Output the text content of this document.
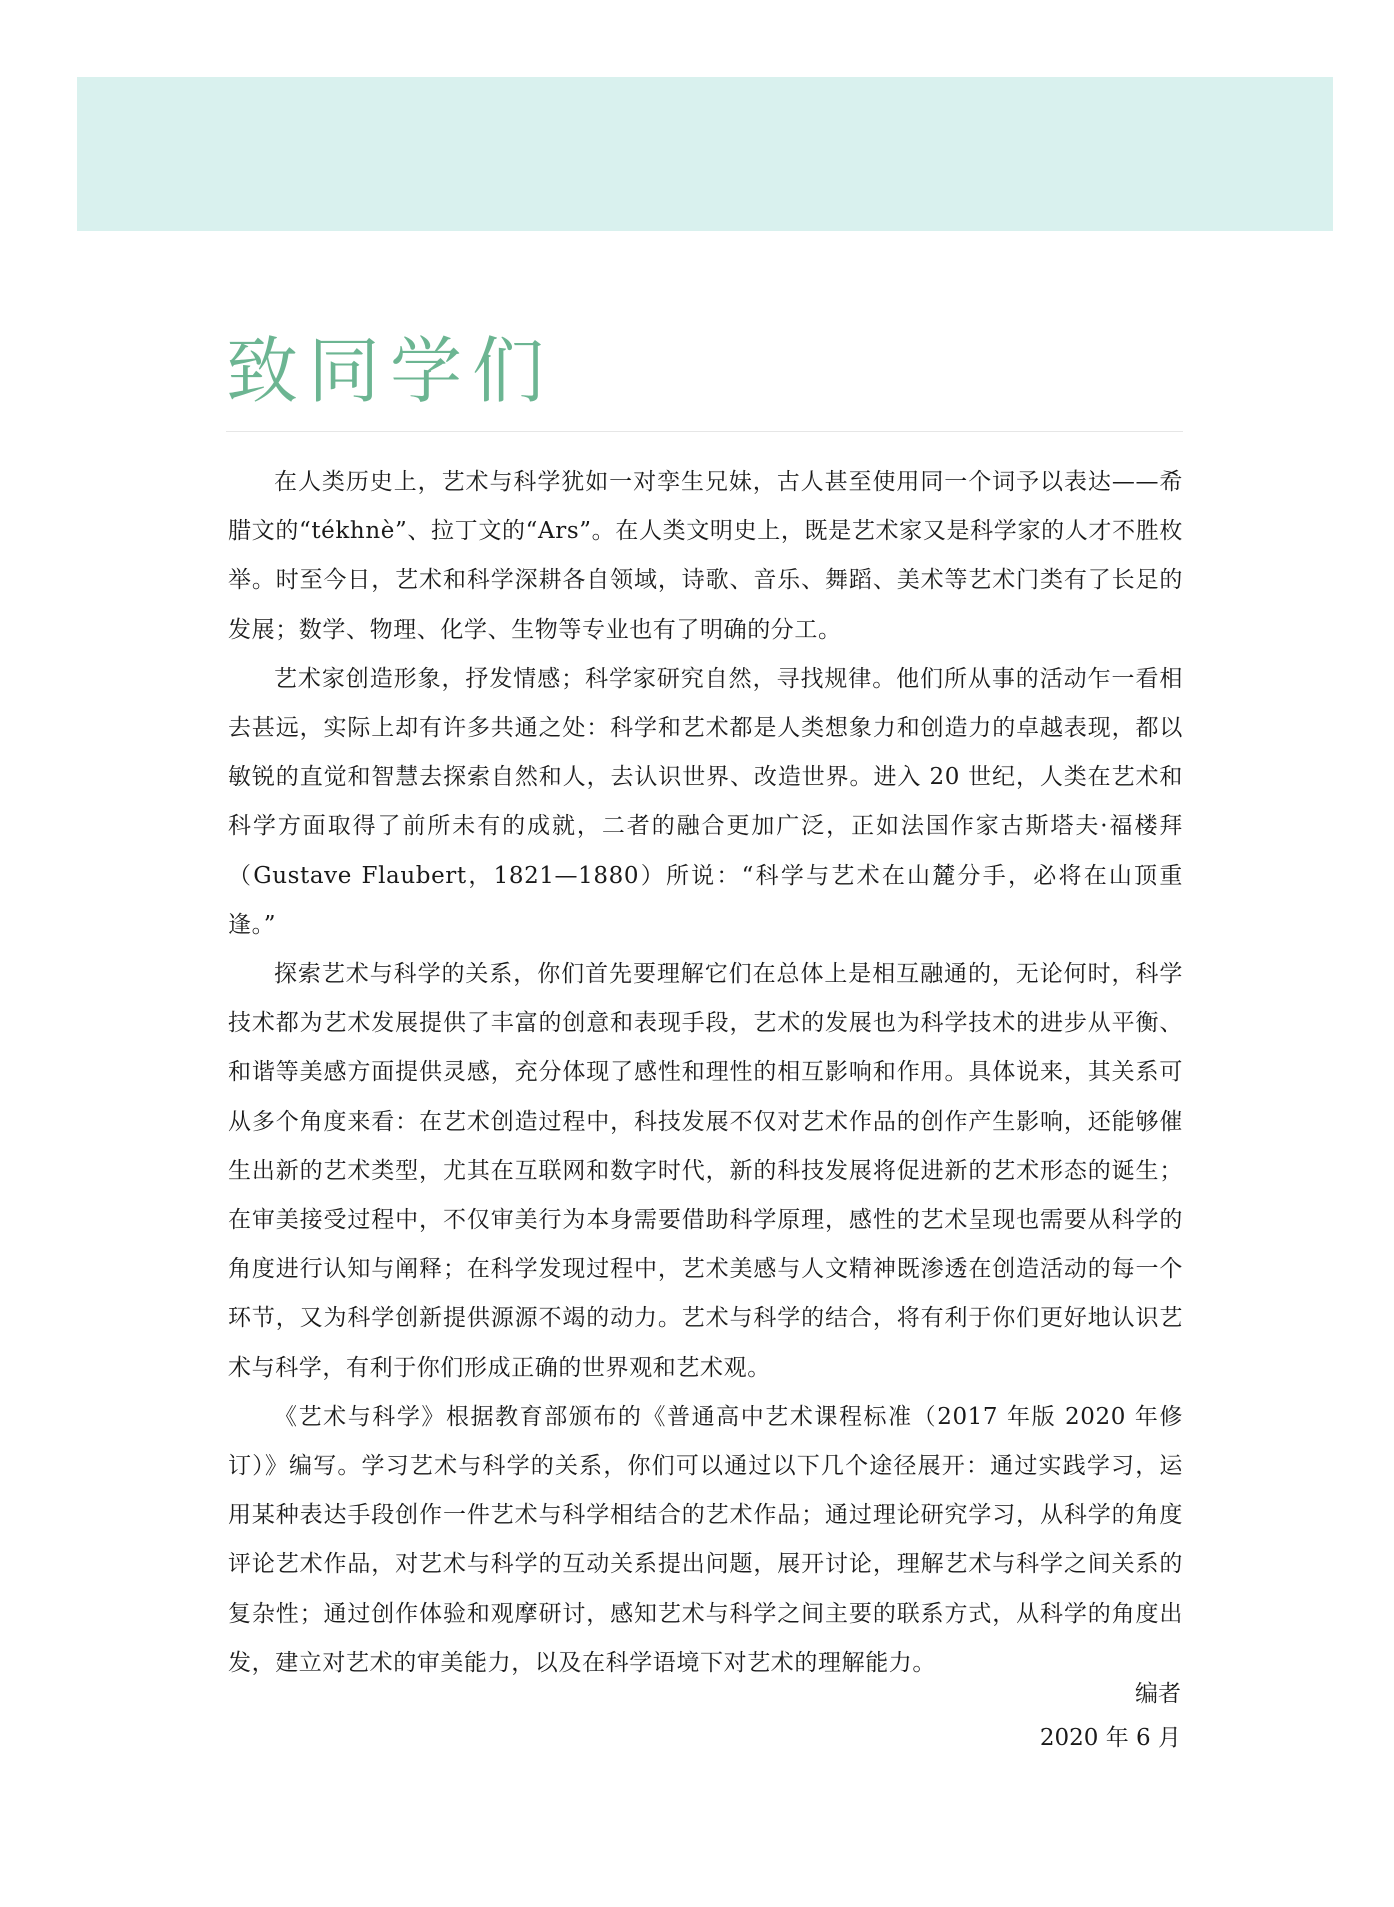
致同学们

在人类历史上，艺术与科学犹如一对孪生兄妹，古人甚至使用同一个词予以表达——希腊文的“tékhnè”、拉丁文的“Ars”。在人类文明史上，既是艺术家又是科学家的人才不胜枚举。时至今日，艺术和科学深耕各自领域，诗歌、音乐、舞蹈、美术等艺术门类有了长足的发展；数学、物理、化学、生物等专业也有了明确的分工。

艺术家创造形象，抒发情感；科学家研究自然，寻找规律。他们所从事的活动乍一看相去甚远，实际上却有许多共通之处：科学和艺术都是人类想象力和创造力的卓越表现，都以敏锐的直觉和智慧去探索自然和人，去认识世界、改造世界。进入 20 世纪，人类在艺术和科学方面取得了前所未有的成就，二者的融合更加广泛，正如法国作家古斯塔夫·福楼拜（Gustave Flaubert，1821—1880）所说：“科学与艺术在山麓分手，必将在山顶重逢。”

探索艺术与科学的关系，你们首先要理解它们在总体上是相互融通的，无论何时，科学技术都为艺术发展提供了丰富的创意和表现手段，艺术的发展也为科学技术的进步从平衡、和谐等美感方面提供灵感，充分体现了感性和理性的相互影响和作用。具体说来，其关系可从多个角度来看：在艺术创造过程中，科技发展不仅对艺术作品的创作产生影响，还能够催生出新的艺术类型，尤其在互联网和数字时代，新的科技发展将促进新的艺术形态的诞生；在审美接受过程中，不仅审美行为本身需要借助科学原理，感性的艺术呈现也需要从科学的角度进行认知与阐释；在科学发现过程中，艺术美感与人文精神既渗透在创造活动的每一个环节，又为科学创新提供源源不竭的动力。艺术与科学的结合，将有利于你们更好地认识艺术与科学，有利于你们形成正确的世界观和艺术观。

《艺术与科学》根据教育部颁布的《普通高中艺术课程标准（2017 年版 2020 年修订）》编写。学习艺术与科学的关系，你们可以通过以下几个途径展开：通过实践学习，运用某种表达手段创作一件艺术与科学相结合的艺术作品；通过理论研究学习，从科学的角度评论艺术作品，对艺术与科学的互动关系提出问题，展开讨论，理解艺术与科学之间关系的复杂性；通过创作体验和观摩研讨，感知艺术与科学之间主要的联系方式，从科学的角度出发，建立对艺术的审美能力，以及在科学语境下对艺术的理解能力。

编者
2020 年 6 月
